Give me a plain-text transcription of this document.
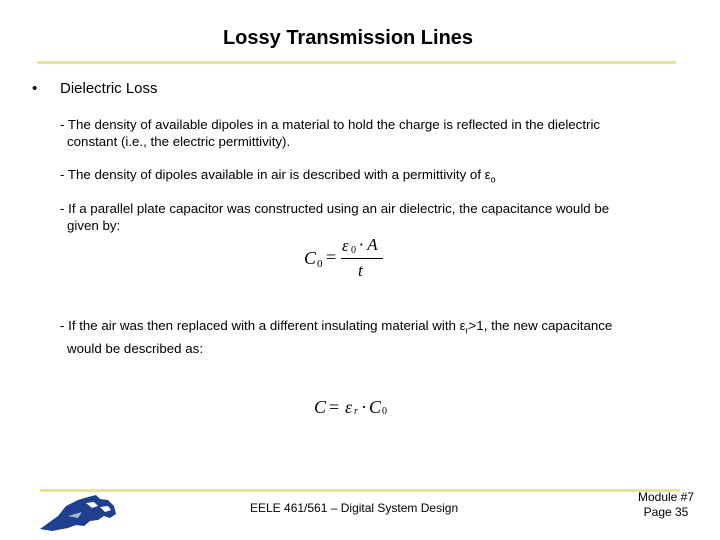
Lossy Transmission Lines
• Dielectric Loss
- The density of available dipoles in a material to hold the charge is reflected in the dielectric
constant (i.e., the electric permittivity).
- The density of dipoles available in air is described with a permittivity of $\varepsilon_o$
- If a parallel plate capacitor was constructed using an air dielectric, the capacitance would be
given by:
C 0 =
ε 0 · A
t
- If the air was then replaced with a different insulating material with $\varepsilon_r>1$, the new capacitance
would be described as:
C = ε r · C 0
EELE 461/561 – Digital System Design
Module #7
Page 35
